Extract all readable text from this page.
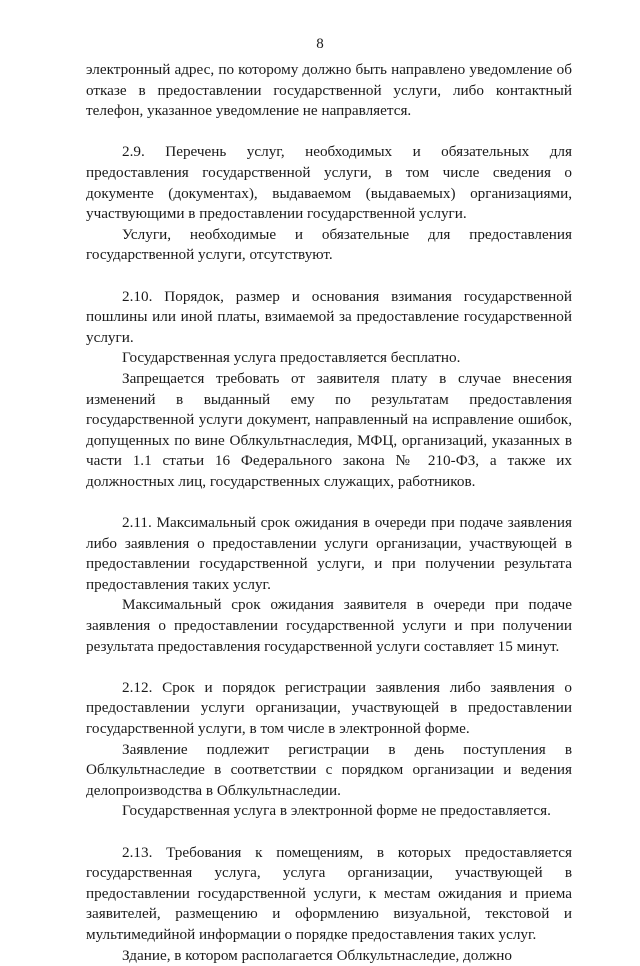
8

электронный адрес, по которому должно быть направлено уведомление об отказе в предоставлении государственной услуги, либо контактный телефон, указанное уведомление не направляется.

2.9. Перечень услуг, необходимых и обязательных для предоставления государственной услуги, в том числе сведения о документе (документах), выдаваемом (выдаваемых) организациями, участвующими в предоставлении государственной услуги.

Услуги, необходимые и обязательные для предоставления государственной услуги, отсутствуют.

2.10. Порядок, размер и основания взимания государственной пошлины или иной платы, взимаемой за предоставление государственной услуги.

Государственная услуга предоставляется бесплатно.

Запрещается требовать от заявителя плату в случае внесения изменений в выданный ему по результатам предоставления государственной услуги документ, направленный на исправление ошибок, допущенных по вине Облкультнаследия, МФЦ, организаций, указанных в части 1.1 статьи 16 Федерального закона № 210-ФЗ, а также их должностных лиц, государственных служащих, работников.

2.11. Максимальный срок ожидания в очереди при подаче заявления либо заявления о предоставлении услуги организации, участвующей в предоставлении государственной услуги, и при получении результата предоставления таких услуг.

Максимальный срок ожидания заявителя в очереди при подаче заявления о предоставлении государственной услуги и при получении результата предоставления государственной услуги составляет 15 минут.

2.12. Срок и порядок регистрации заявления либо заявления о предоставлении услуги организации, участвующей в предоставлении государственной услуги, в том числе в электронной форме.

Заявление подлежит регистрации в день поступления в Облкультнаследие в соответствии с порядком организации и ведения делопроизводства в Облкультнаследии.

Государственная услуга в электронной форме не предоставляется.

2.13. Требования к помещениям, в которых предоставляется государственная услуга, услуга организации, участвующей в предоставлении государственной услуги, к местам ожидания и приема заявителей, размещению и оформлению визуальной, текстовой и мультимедийной информации о порядке предоставления таких услуг.

Здание, в котором располагается Облкультнаследие, должно
